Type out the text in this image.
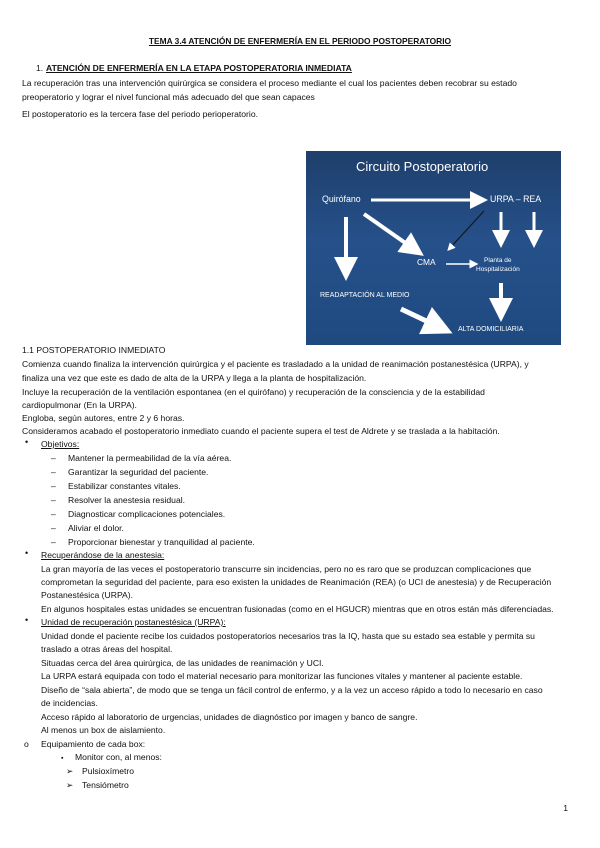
TEMA 3.4 ATENCIÓN DE ENFERMERÍA EN EL PERIODO POSTOPERATORIO
1. ATENCIÓN DE ENFERMERÍA EN LA ETAPA POSTOPERATORIA INMEDIATA
La recuperación tras una intervención quirúrgica se considera el proceso mediante el cual los pacientes deben recobrar su estado
preoperatorio y lograr el nivel funcional más adecuado del que sean capaces
El postoperatorio es la tercera fase del periodo perioperatorio.
Circuito Postoperatorio
Quirófano	URPA – REA
CMA	Planta de
Hospitalización
READAPTACIÓN AL MEDIO
ALTA DOMICILIARIA
1.1 POSTOPERATORIO INMEDIATO
Comienza cuando finaliza la intervención quirúrgica y el paciente es trasladado a la unidad de reanimación postanestésica (URPA), y
finaliza una vez que este es dado de alta de la URPA y llega a la planta de hospitalización.
Incluye la recuperación de la ventilación espontanea (en el quirófano) y recuperación de la consciencia y de la estabilidad
cardiopulmonar (En la URPA).
Engloba, según autores, entre 2 y 6 horas.
Consideramos acabado el postoperatorio inmediato cuando el paciente supera el test de Aldrete y se traslada a la habitación.
• Objetivos:
– Mantener la permeabilidad de la vía aérea.
– Garantizar la seguridad del paciente.
– Estabilizar constantes vitales.
– Resolver la anestesia residual.
– Diagnosticar complicaciones potenciales.
– Aliviar el dolor.
– Proporcionar bienestar y tranquilidad al paciente.
• Recuperándose de la anestesia:
La gran mayoría de las veces el postoperatorio transcurre sin incidencias, pero no es raro que se produzcan complicaciones que
comprometan la seguridad del paciente, para eso existen la unidades de Reanimación (REA) (o UCI de anestesia) y de Recuperación
Postanestésica (URPA).
En algunos hospitales estas unidades se encuentran fusionadas (como en el HGUCR) mientras que en otros están más diferenciadas.
• Unidad de recuperación postanestésica (URPA):
Unidad donde el paciente recibe los cuidados postoperatorios necesarios tras la IQ, hasta que su estado sea estable y permita su
traslado a otras áreas del hospital.
Situadas cerca del área quirúrgica, de las unidades de reanimación y UCI.
La URPA estará equipada con todo el material necesario para monitorizar las funciones vitales y mantener al paciente estable.
Diseño de “sala abierta”, de modo que se tenga un fácil control de enfermo, y a la vez un acceso rápido a todo lo necesario en caso
de incidencias.
Acceso rápido al laboratorio de urgencias, unidades de diagnóstico por imagen y banco de sangre.
Al menos un box de aislamiento.
o Equipamiento de cada box:
▪ Monitor con, al menos:
➢ Pulsioxímetro
➢ Tensiómetro
1
